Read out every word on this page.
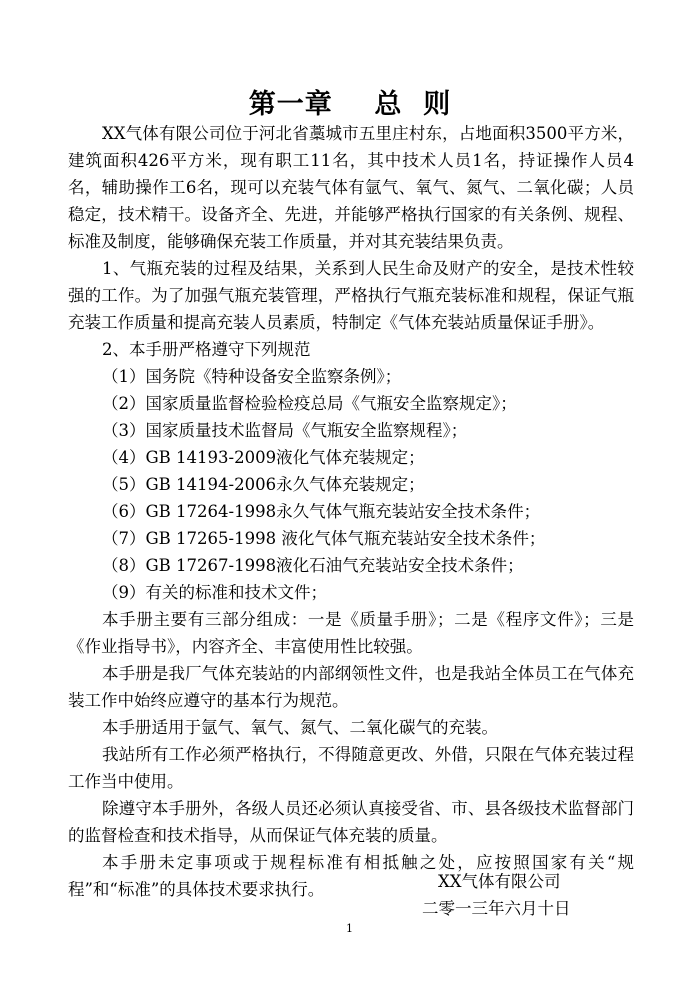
第一章    总  则

XX气体有限公司位于河北省藁城市五里庄村东，占地面积3500平方米，建筑面积426平方米，现有职工11名，其中技术人员1名，持证操作人员4名，辅助操作工6名，现可以充装气体有氩气、氧气、氮气、二氧化碳；人员稳定，技术精干。设备齐全、先进，并能够严格执行国家的有关条例、规程、标准及制度，能够确保充装工作质量，并对其充装结果负责。

1、气瓶充装的过程及结果，关系到人民生命及财产的安全，是技术性较强的工作。为了加强气瓶充装管理，严格执行气瓶充装标准和规程，保证气瓶充装工作质量和提高充装人员素质，特制定《气体充装站质量保证手册》。

2、本手册严格遵守下列规范

（1）国务院《特种设备安全监察条例》；

（2）国家质量监督检验检疫总局《气瓶安全监察规定》；

（3）国家质量技术监督局《气瓶安全监察规程》；

（4）GB 14193-2009液化气体充装规定；

（5）GB 14194-2006永久气体充装规定；

（6）GB 17264-1998永久气体气瓶充装站安全技术条件；

（7）GB 17265-1998 液化气体气瓶充装站安全技术条件；

（8）GB 17267-1998液化石油气充装站安全技术条件；

（9）有关的标准和技术文件；

本手册主要有三部分组成：一是《质量手册》；二是《程序文件》；三是《作业指导书》，内容齐全、丰富使用性比较强。

本手册是我厂气体充装站的内部纲领性文件，也是我站全体员工在气体充装工作中始终应遵守的基本行为规范。

本手册适用于氩气、氧气、氮气、二氧化碳气的充装。

我站所有工作必须严格执行，不得随意更改、外借，只限在气体充装过程工作当中使用。

除遵守本手册外，各级人员还必须认真接受省、市、县各级技术监督部门的监督检查和技术指导，从而保证气体充装的质量。

本手册未定事项或于规程标准有相抵触之处，应按照国家有关“规程”和“标准”的具体技术要求执行。	XX气体有限公司
二零一三年六月十日
1
